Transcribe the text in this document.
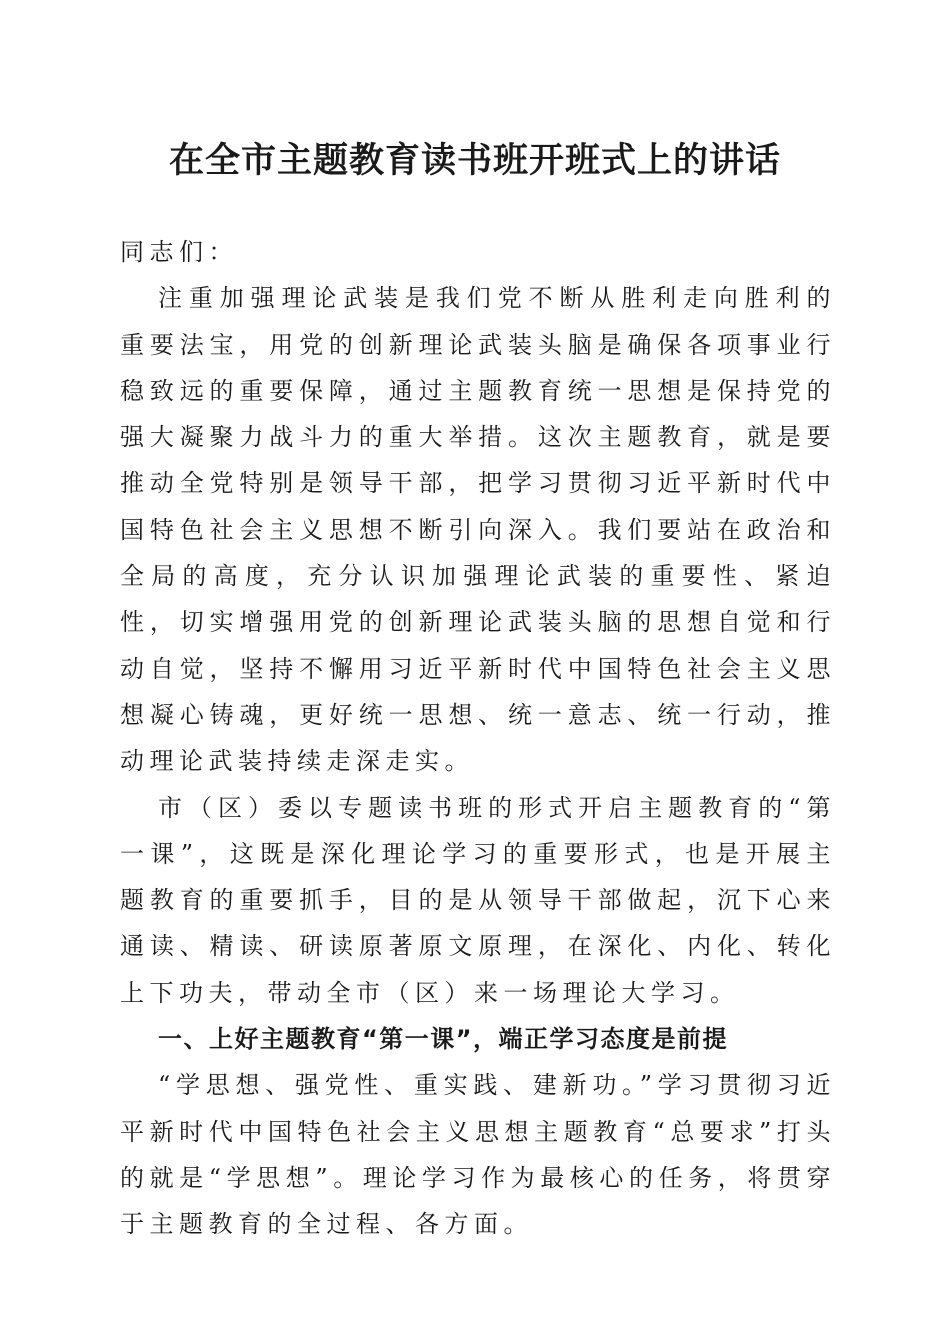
在全市主题教育读书班开班式上的讲话

同志们：

注重加强理论武装是我们党不断从胜利走向胜利的重要法宝，用党的创新理论武装头脑是确保各项事业行稳致远的重要保障，通过主题教育统一思想是保持党的强大凝聚力战斗力的重大举措。这次主题教育，就是要推动全党特别是领导干部，把学习贯彻习近平新时代中国特色社会主义思想不断引向深入。我们要站在政治和全局的高度，充分认识加强理论武装的重要性、紧迫性，切实增强用党的创新理论武装头脑的思想自觉和行动自觉，坚持不懈用习近平新时代中国特色社会主义思想凝心铸魂，更好统一思想、统一意志、统一行动，推动理论武装持续走深走实。

市（区）委以专题读书班的形式开启主题教育的“第一课”，这既是深化理论学习的重要形式，也是开展主题教育的重要抓手，目的是从领导干部做起，沉下心来通读、精读、研读原著原文原理，在深化、内化、转化上下功夫，带动全市（区）来一场理论大学习。

一、上好主题教育“第一课”，端正学习态度是前提

“学思想、强党性、重实践、建新功。”学习贯彻习近平新时代中国特色社会主义思想主题教育“总要求”打头的就是“学思想”。理论学习作为最核心的任务，将贯穿于主题教育的全过程、各方面。
